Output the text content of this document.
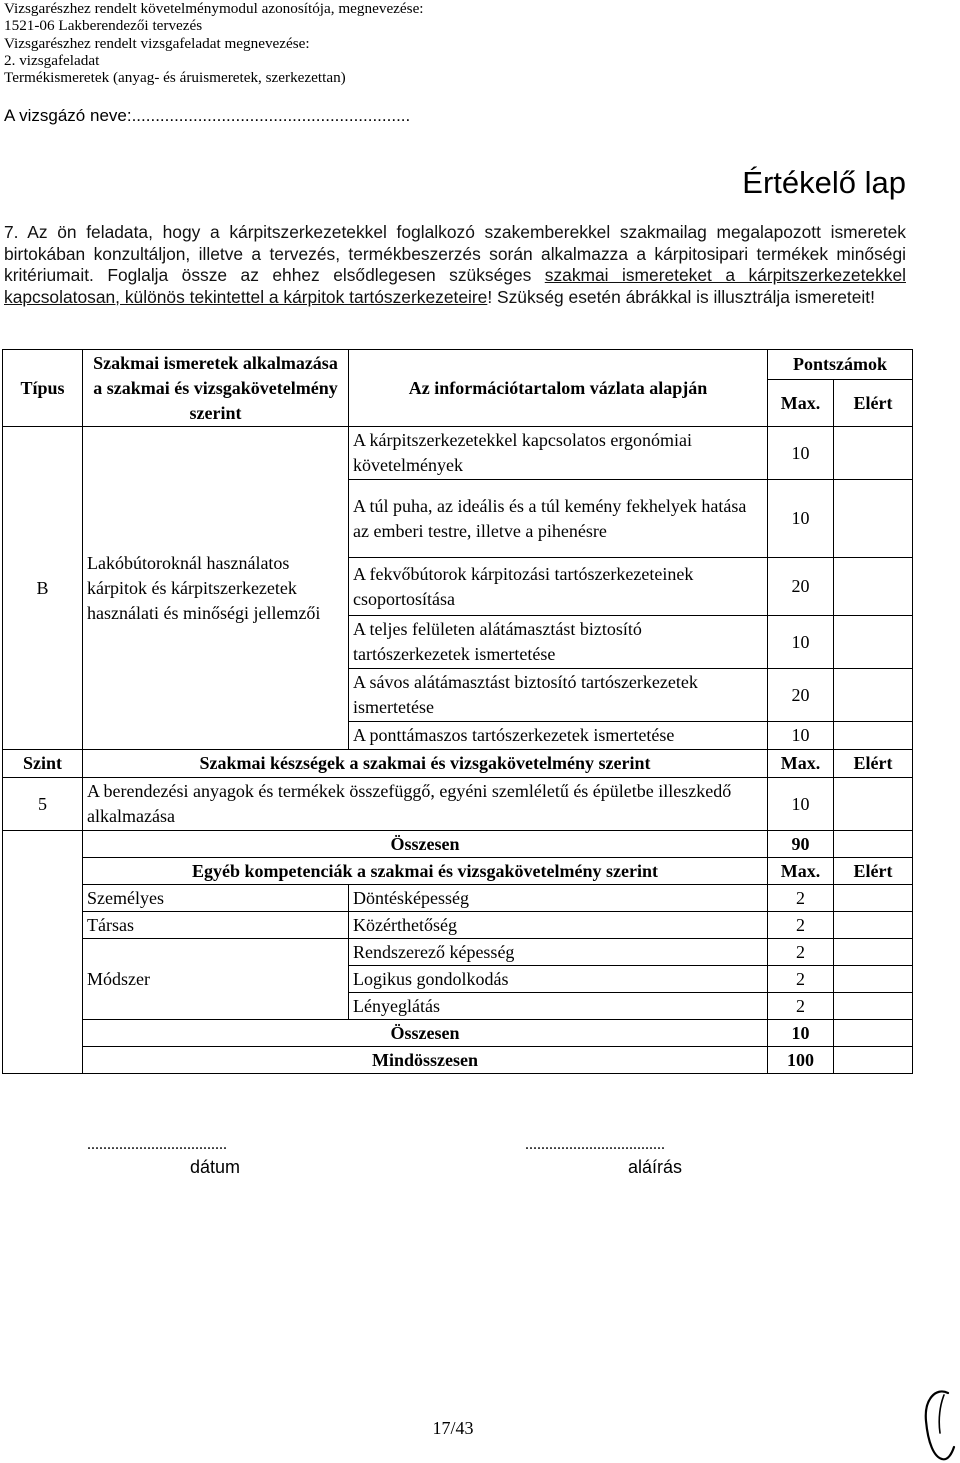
Vizsgarészhez rendelt követelménymodul azonosítója, megnevezése:
1521-06 Lakberendezői tervezés
Vizsgarészhez rendelt vizsgafeladat megnevezése:
2. vizsgafeladat
Termékismeretek (anyag- és áruismeretek, szerkezettan)
A vizsgázó neve:...........................................................
Értékelő lap
7. Az ön feladata, hogy a kárpitszerkezetekkel foglalkozó szakemberekkel szakmailag megalapozott ismeretek birtokában konzultáljon, illetve a tervezés, termékbeszerzés során alkalmazza a kárpitosipari termékek minőségi kritériumait. Foglalja össze az ehhez elsődlegesen szükséges szakmai ismereteket a kárpitszerkezetekkel kapcsolatosan, különös tekintettel a kárpitok tartószerkezeteire! Szükség esetén ábrákkal is illusztrálja ismereteit!
Típus	Szakmai ismeretek alkalmazása a szakmai és vizsgakövetelmény szerint	Az információtartalom vázlata alapján	Pontszámok	
			Max.	Elért
B	Lakóbútoroknál használatos kárpitok és kárpitszerkezetek használati és minőségi jellemzői	A kárpitszerkezetekkel kapcsolatos ergonómiai követelmények	10	
		A túl puha, az ideális és a túl kemény fekhelyek hatása az emberi testre, illetve a pihenésre	10	
		A fekvőbútorok kárpitozási tartószerkezeteinek csoportosítása	20	
		A teljes felületen alátámasztást biztosító tartószerkezetek ismertetése	10	
		A sávos alátámasztást biztosító tartószerkezetek ismertetése	20	
		A ponttámaszos tartószerkezetek ismertetése	10	
Szint	Szakmai készségek a szakmai és vizsgakövetelmény szerint		Max.	Elért
5	A berendezési anyagok és termékek összefüggő, egyéni szemléletű és épületbe illeszkedő alkalmazása		10	
	Összesen		90	
	Egyéb kompetenciák a szakmai és vizsgakövetelmény szerint		Max.	Elért
	Személyes	Döntésképesség	2	
	Társas	Közérthetőség	2	
	Módszer	Rendszerező képesség	2	
		Logikus gondolkodás	2	
		Lényeglátás	2	
	Összesen		10	
	Mindösszesen		100	
...................................
dátum
...................................
aláírás
17/43
